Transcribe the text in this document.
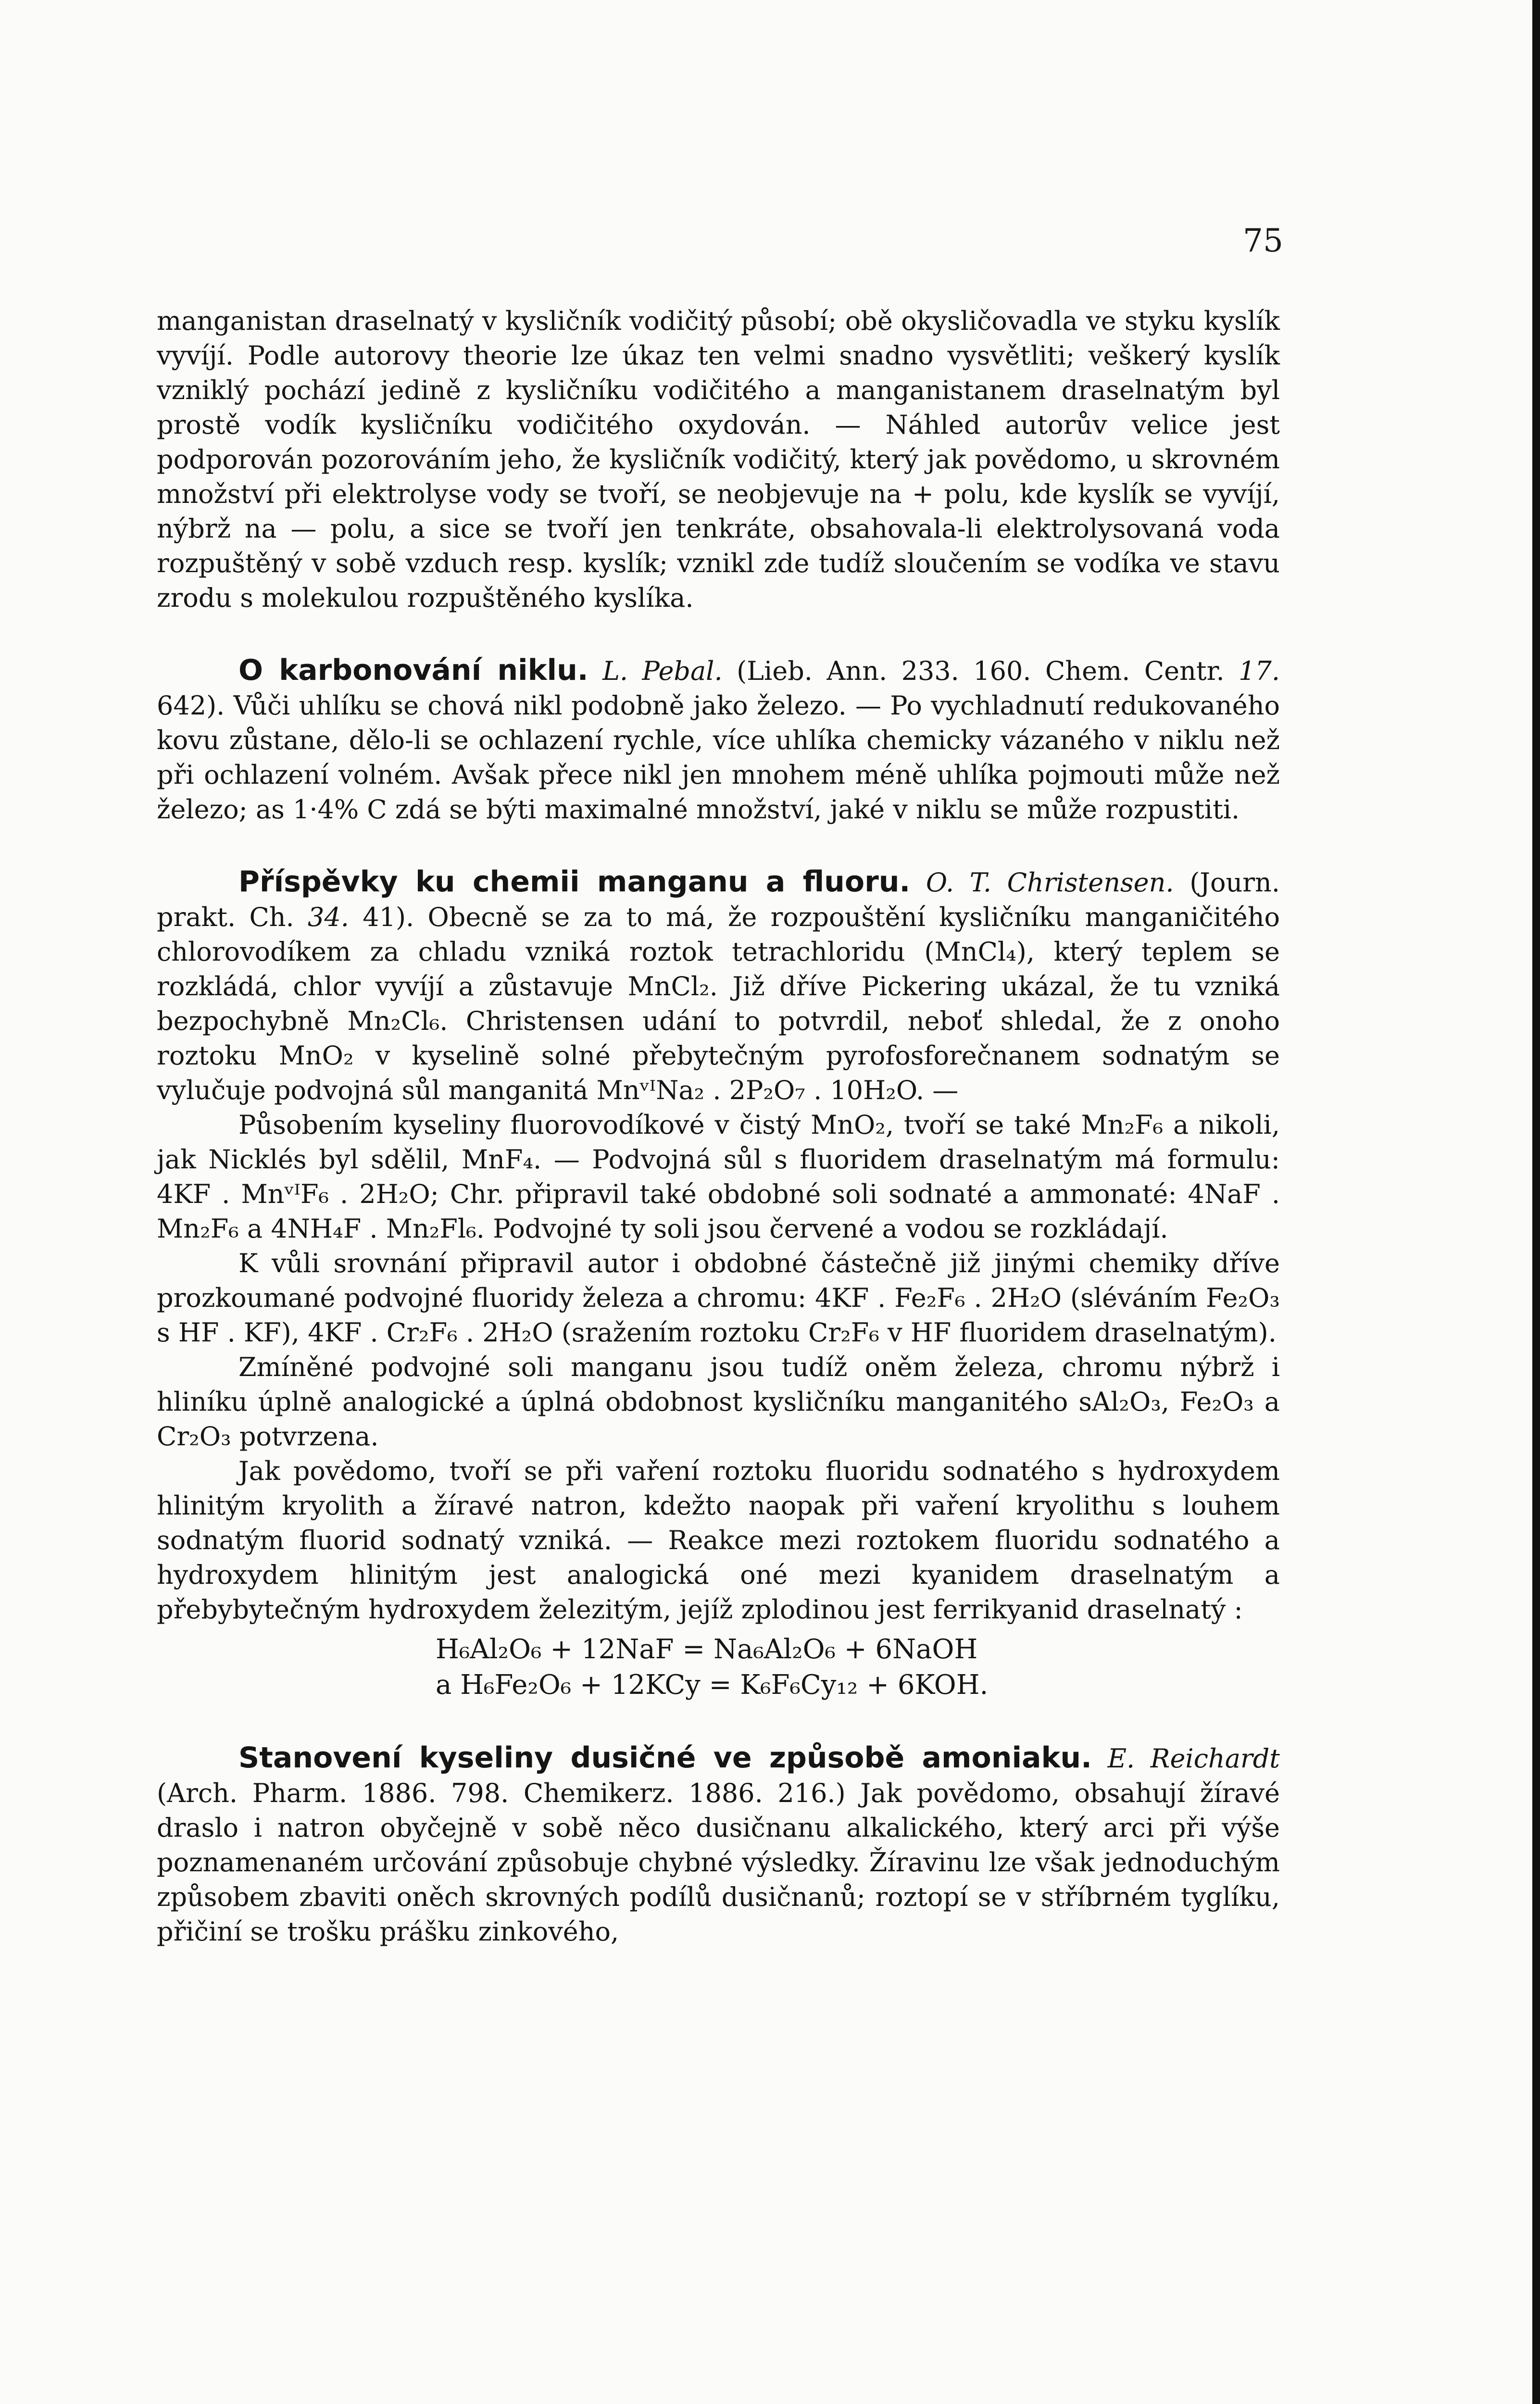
75

manganistan draselnatý v kysličník vodičitý působí; obě okysličovadla ve styku kyslík vyvíjí. Podle autorovy theorie lze úkaz ten velmi snadno vysvětliti; veškerý kyslík vzniklý pochází jedině z kysličníku vodičitého a manganistanem draselnatým byl prostě vodík kysličníku vodičitého oxydován. — Náhled autorův velice jest podporován pozorováním jeho, že kysličník vodičitý, který jak povědomo, u skrovném množství při elektrolyse vody se tvoří, se neobjevuje na + polu, kde kyslík se vyvíjí, nýbrž na — polu, a sice se tvoří jen tenkráte, obsahovala-li elektrolysovaná voda rozpuštěný v sobě vzduch resp. kyslík; vznikl zde tudíž sloučením se vodíka ve stavu zrodu s molekulou rozpuštěného kyslíka.

O karbonování niklu. L. Pebal. (Lieb. Ann. 233. 160. Chem. Centr. 17. 642). Vůči uhlíku se chová nikl podobně jako železo. — Po vychladnutí redukovaného kovu zůstane, dělo-li se ochlazení rychle, více uhlíka chemicky vázaného v niklu než při ochlazení volném. Avšak přece nikl jen mnohem méně uhlíka pojmouti může než železo; as 1·4% C zdá se býti maximalné množství, jaké v niklu se může rozpustiti.

Příspěvky ku chemii manganu a fluoru. O. T. Christensen. (Journ. prakt. Ch. 34. 41). Obecně se za to má, že rozpouštění kysličníku manganičitého chlorovodíkem za chladu vzniká roztok tetrachloridu (MnCl₄), který teplem se rozkládá, chlor vyvíjí a zůstavuje MnCl₂. Již dříve Pickering ukázal, že tu vzniká bezpochybně Mn₂Cl₆. Christensen udání to potvrdil, neboť shledal, že z onoho roztoku MnO₂ v kyselině solné přebytečným pyrofosforečnanem sodnatým se vylučuje podvojná sůl manganitá MnᵛᴵNa₂ . 2P₂O₇ . 10H₂O. —

Působením kyseliny fluorovodíkové v čistý MnO₂, tvoří se také Mn₂F₆ a nikoli, jak Nicklés byl sdělil, MnF₄. — Podvojná sůl s fluoridem draselnatým má formulu: 4KF . MnᵛᴵF₆ . 2H₂O; Chr. připravil také obdobné soli sodnaté a ammonaté: 4NaF . Mn₂F₆ a 4NH₄F . Mn₂Fl₆. Podvojné ty soli jsou červené a vodou se rozkládají.

K vůli srovnání připravil autor i obdobné částečně již jinými chemiky dříve prozkoumané podvojné fluoridy železa a chromu: 4KF . Fe₂F₆ . 2H₂O (sléváním Fe₂O₃ s HF . KF), 4KF . Cr₂F₆ . 2H₂O (sražením roztoku Cr₂F₆ v HF fluoridem draselnatým).

Zmíněné podvojné soli manganu jsou tudíž oněm železa, chromu nýbrž i hliníku úplně analogické a úplná obdobnost kysličníku manganitého sAl₂O₃, Fe₂O₃ a Cr₂O₃ potvrzena.

Jak povědomo, tvoří se při vaření roztoku fluoridu sodnatého s hydroxydem hlinitým kryolith a žíravé natron, kdežto naopak při vaření kryolithu s louhem sodnatým fluorid sodnatý vzniká. — Reakce mezi roztokem fluoridu sodnatého a hydroxydem hlinitým jest analogická oné mezi kyanidem draselnatým a přebybytečným hydroxydem železitým, jejíž zplodinou jest ferrikyanid draselnatý :

H₆Al₂O₆ + 12NaF = Na₆Al₂O₆ + 6NaOH
a H₆Fe₂O₆ + 12KCy = K₆F₆Cy₁₂ + 6KOH.

Stanovení kyseliny dusičné ve způsobě amoniaku. E. Reichardt (Arch. Pharm. 1886. 798. Chemikerz. 1886. 216.) Jak povědomo, obsahují žíravé draslo i natron obyčejně v sobě něco dusičnanu alkalického, který arci při výše poznamenaném určování způsobuje chybné výsledky. Žíravinu lze však jednoduchým způsobem zbaviti oněch skrovných podílů dusičnanů; roztopí se v stříbrném tyglíku, přičiní se trošku prášku zinkového,
